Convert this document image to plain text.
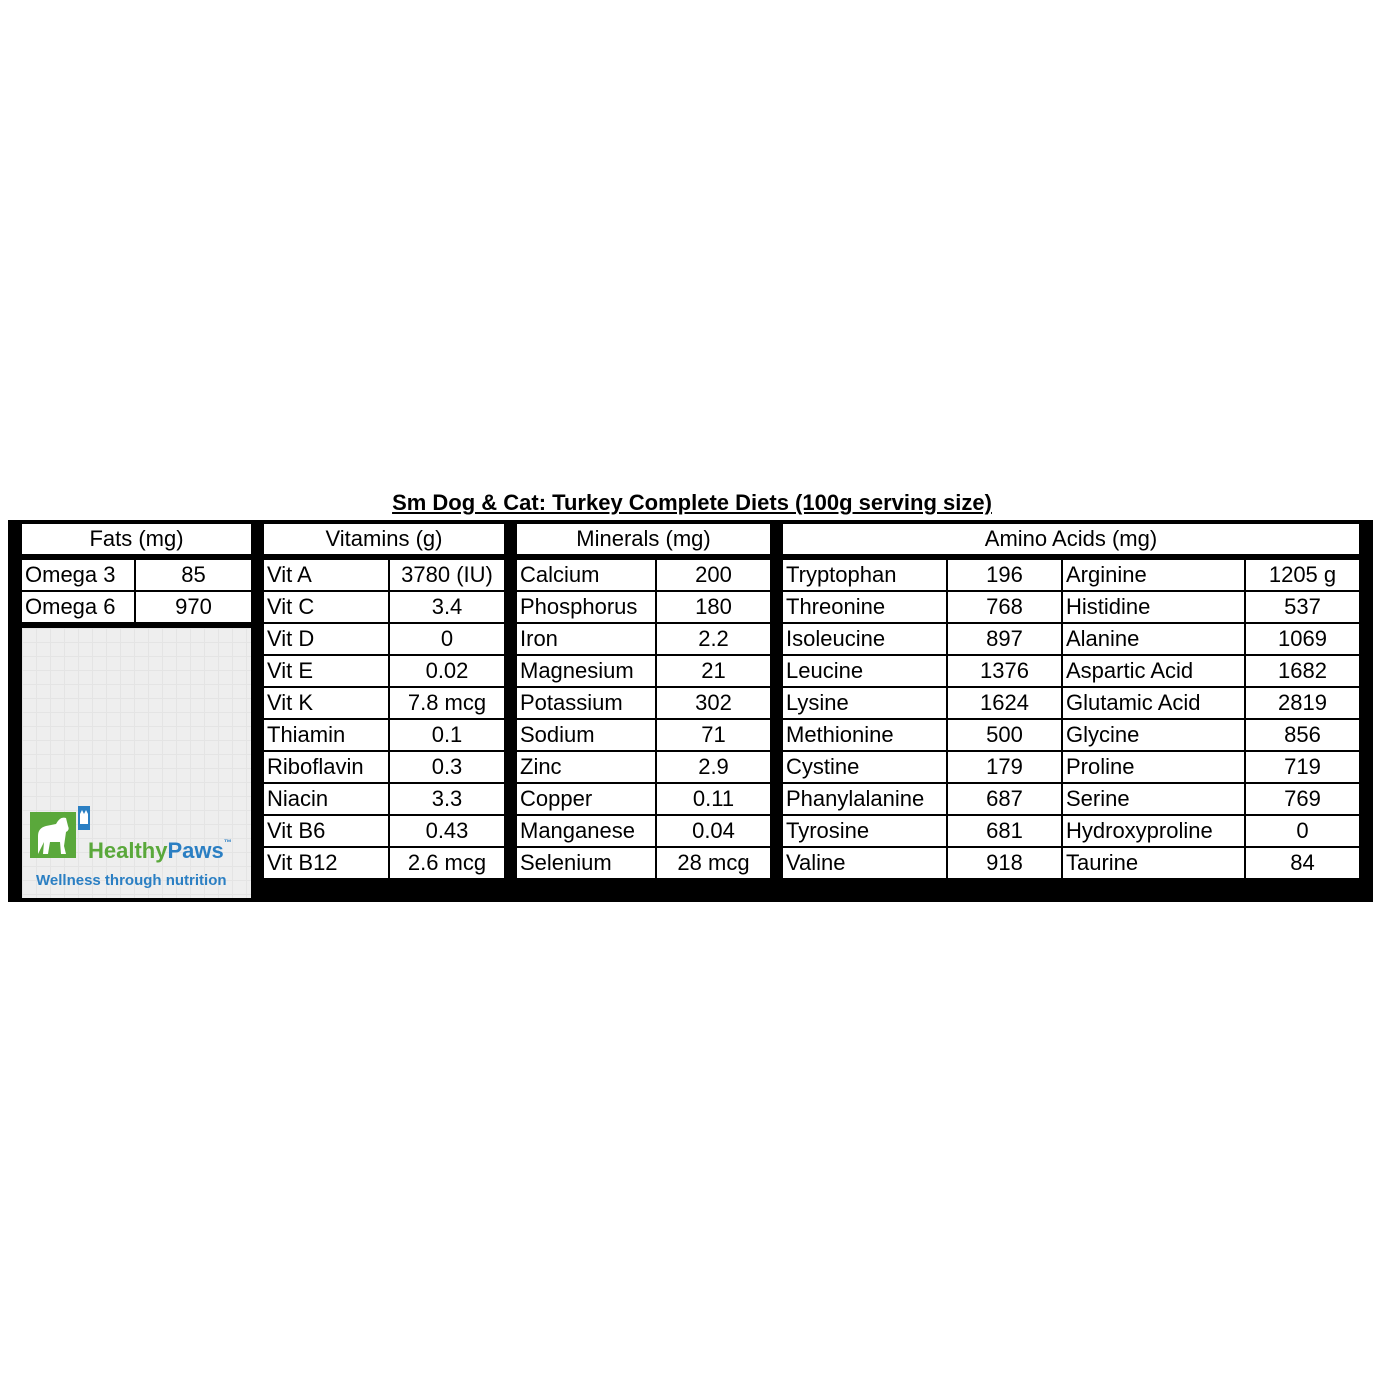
Sm Dog & Cat: Turkey Complete Diets (100g serving size)
Fats (mg)	

Omega 3	85
Omega 6	970
HealthyPaws™
Wellness through nutrition
Vitamins (g)	

Vit A	3780 (IU)
Vit C	3.4
Vit D	0
Vit E	0.02
Vit K	7.8 mcg
Thiamin	0.1
Riboflavin	0.3
Niacin	3.3
Vit B6	0.43
Vit B12	2.6 mcg
Minerals (mg)	

Calcium	200
Phosphorus	180
Iron	2.2
Magnesium	21
Potassium	302
Sodium	71
Zinc	2.9
Copper	0.11
Manganese	0.04
Selenium	28 mcg
Amino Acids (mg)			

Tryptophan	196	Arginine	1205 g
Threonine	768	Histidine	537
Isoleucine	897	Alanine	1069
Leucine	1376	Aspartic Acid	1682
Lysine	1624	Glutamic Acid	2819
Methionine	500	Glycine	856
Cystine	179	Proline	719
Phanylalanine	687	Serine	769
Tyrosine	681	Hydroxyproline	0
Valine	918	Taurine	84
